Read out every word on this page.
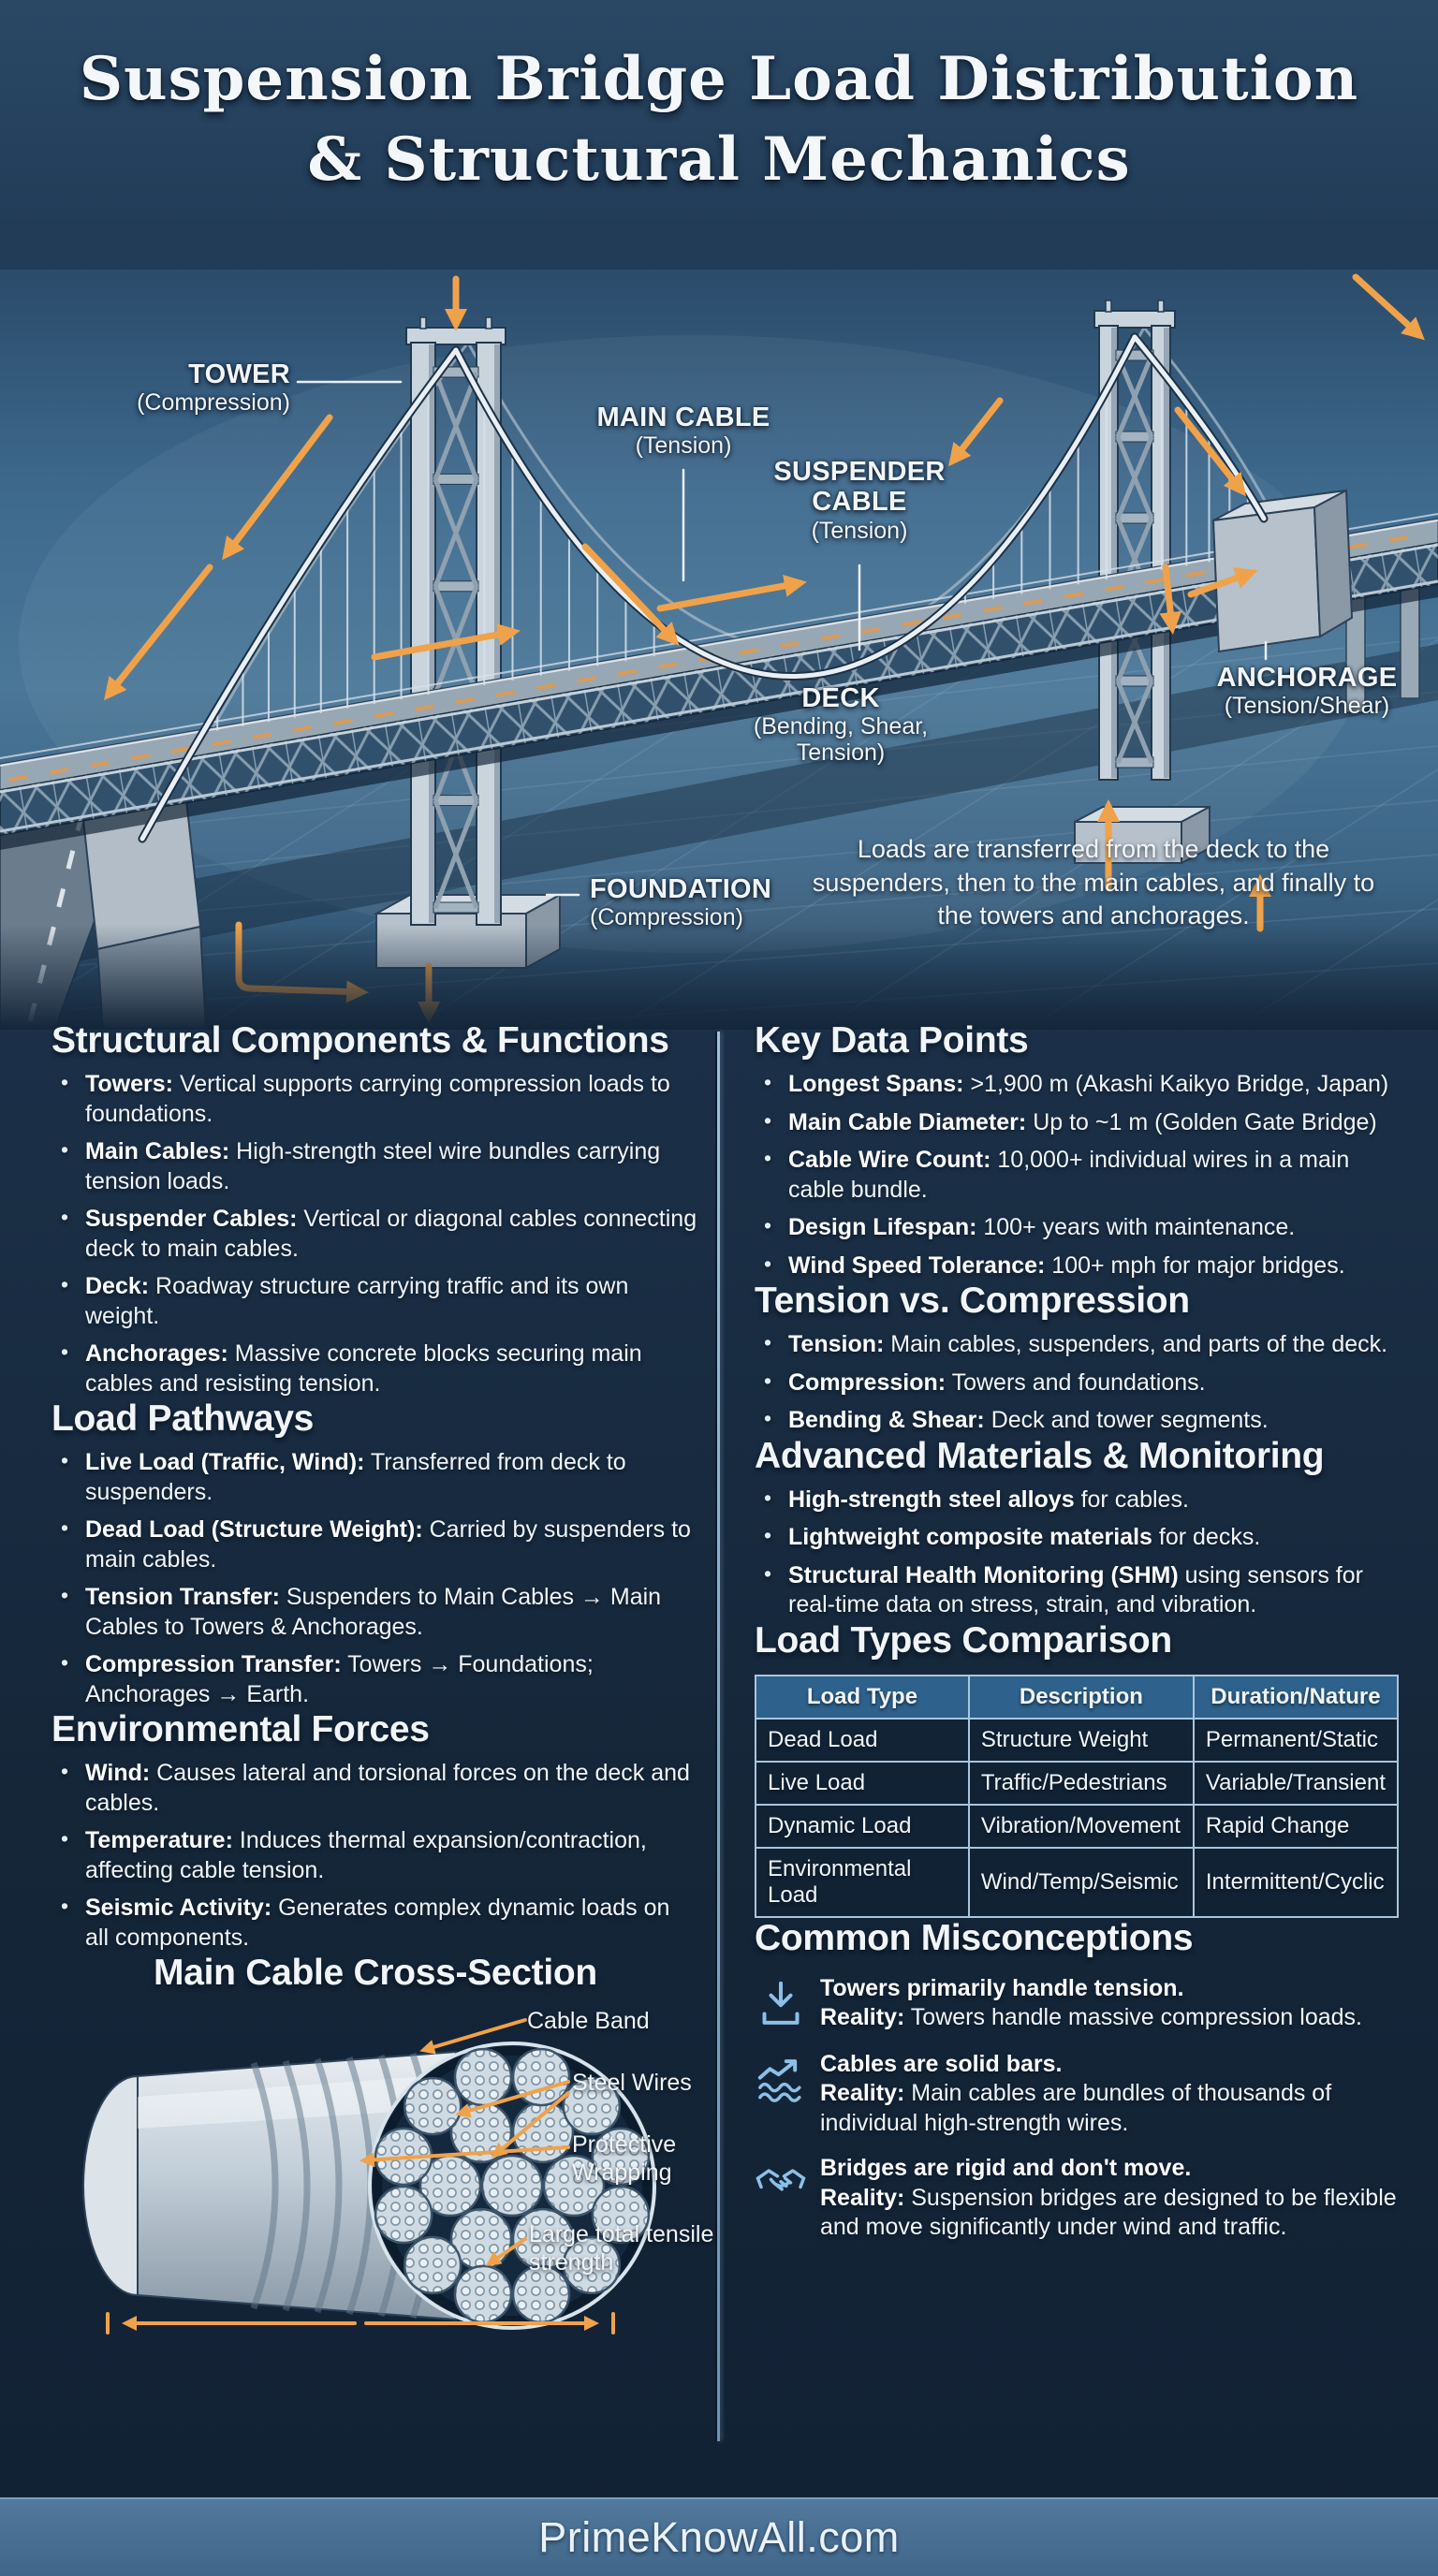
Suspension Bridge Load Distribution
& Structural Mechanics
TOWER
(Compression)	MAIN CABLE
(Tension)
SUSPENDER
CABLE
(Tension)
DECK
(Bending, Shear, Tension)
ANCHORAGE
(Tension/Shear)
FOUNDATION
(Compression)
Loads are transferred from the deck to the suspenders, then to the main cables, and finally to the towers and anchorages.
Structural Components & Functions
• Towers: Vertical supports carrying compression loads to foundations.
• Main Cables: High-strength steel wire bundles carrying tension loads.
• Suspender Cables: Vertical or diagonal cables connecting deck to main cables.
• Deck: Roadway structure carrying traffic and its own weight.
• Anchorages: Massive concrete blocks securing main cables and resisting tension.
Load Pathways
• Live Load (Traffic, Wind): Transferred from deck to suspenders.
• Dead Load (Structure Weight): Carried by suspenders to main cables.
• Tension Transfer: Suspenders to Main Cables → Main Cables to Towers & Anchorages.
• Compression Transfer: Towers → Foundations; Anchorages → Earth.
Environmental Forces
• Wind: Causes lateral and torsional forces on the deck and cables.
• Temperature: Induces thermal expansion/contraction, affecting cable tension.
• Seismic Activity: Generates complex dynamic loads on all components.
Main Cable Cross-Section
Cable Band
Steel Wires
Protective Wrapping
Large total tensile strength
Key Data Points
• Longest Spans: >1,900 m (Akashi Kaikyo Bridge, Japan)
• Main Cable Diameter: Up to ~1 m (Golden Gate Bridge)
• Cable Wire Count: 10,000+ individual wires in a main cable bundle.
• Design Lifespan: 100+ years with maintenance.
• Wind Speed Tolerance: 100+ mph for major bridges.
Tension vs. Compression
• Tension: Main cables, suspenders, and parts of the deck.
• Compression: Towers and foundations.
• Bending & Shear: Deck and tower segments.
Advanced Materials & Monitoring
• High-strength steel alloys for cables.
• Lightweight composite materials for decks.
• Structural Health Monitoring (SHM) using sensors for real-time data on stress, strain, and vibration.
Load Types Comparison
Load Type	Description	Duration/Nature
Dead Load	Structure Weight	Permanent/Static
Live Load	Traffic/Pedestrians	Variable/Transient
Dynamic Load	Vibration/Movement	Rapid Change
Environmental Load	Wind/Temp/Seismic	Intermittent/Cyclic
Common Misconceptions
Towers primarily handle tension.
Reality: Towers handle massive compression loads.
Cables are solid bars.
Reality: Main cables are bundles of thousands of individual high-strength wires.
Bridges are rigid and don't move.
Reality: Suspension bridges are designed to be flexible and move significantly under wind and traffic.
PrimeKnowAll.com
